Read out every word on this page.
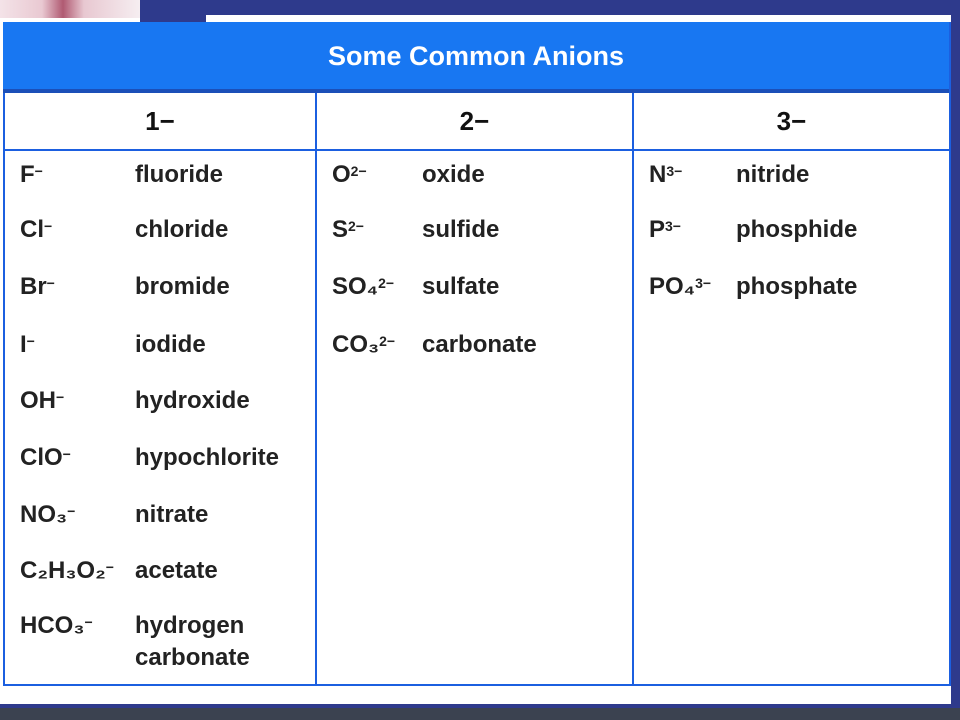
Some Common Anions
1−
F−	fluoride
Cl−	chloride
Br−	bromide
I−	iodide
OH−	hydroxide
ClO−	hypochlorite
NO₃− nitrate
C₂H₃O₂− acetate
HCO₃− hydrogen
carbonate
2−
$O^{2-}$ oxide
$S^{2-}$ sulfide
SO₄$^{2-}$ sulfate
CO₃$^{2-}$ carbonate
3−
$N^{3-}$ nitride
$P^{3-}$ phosphide
PO₄$^{3-}$ phosphate
